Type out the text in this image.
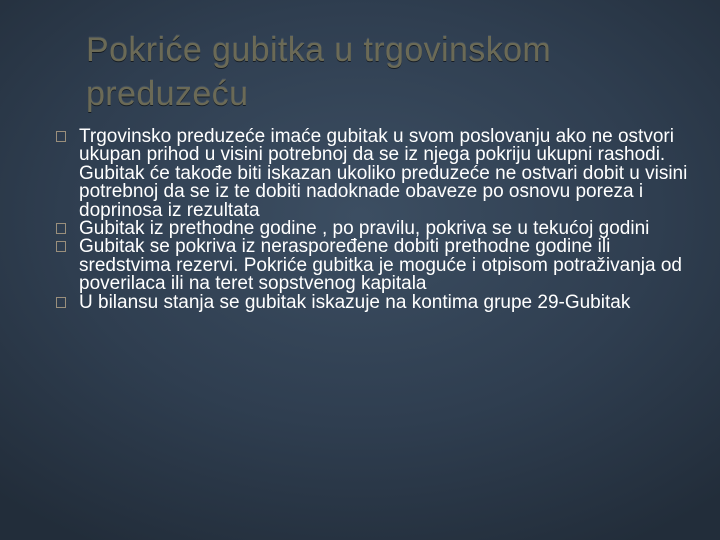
Pokriće gubitka u trgovinskom preduzeću
Trgovinsko preduzeće imaće gubitak u svom poslovanju ako ne ostvori ukupan prihod u visini potrebnoj da se iz njega pokriju ukupni rashodi. Gubitak će takođe biti iskazan ukoliko preduzeće ne ostvari dobit u visini potrebnoj da se iz te dobiti nadoknade obaveze po osnovu poreza i doprinosa iz rezultata
Gubitak iz prethodne godine , po pravilu, pokriva se u tekućoj godini
Gubitak se pokriva iz neraspoređene dobiti prethodne godine ili sredstvima rezervi. Pokriće gubitka je moguće i otpisom potraživanja od poverilaca ili na teret sopstvenog kapitala
U bilansu stanja se gubitak iskazuje na kontima grupe 29-Gubitak
